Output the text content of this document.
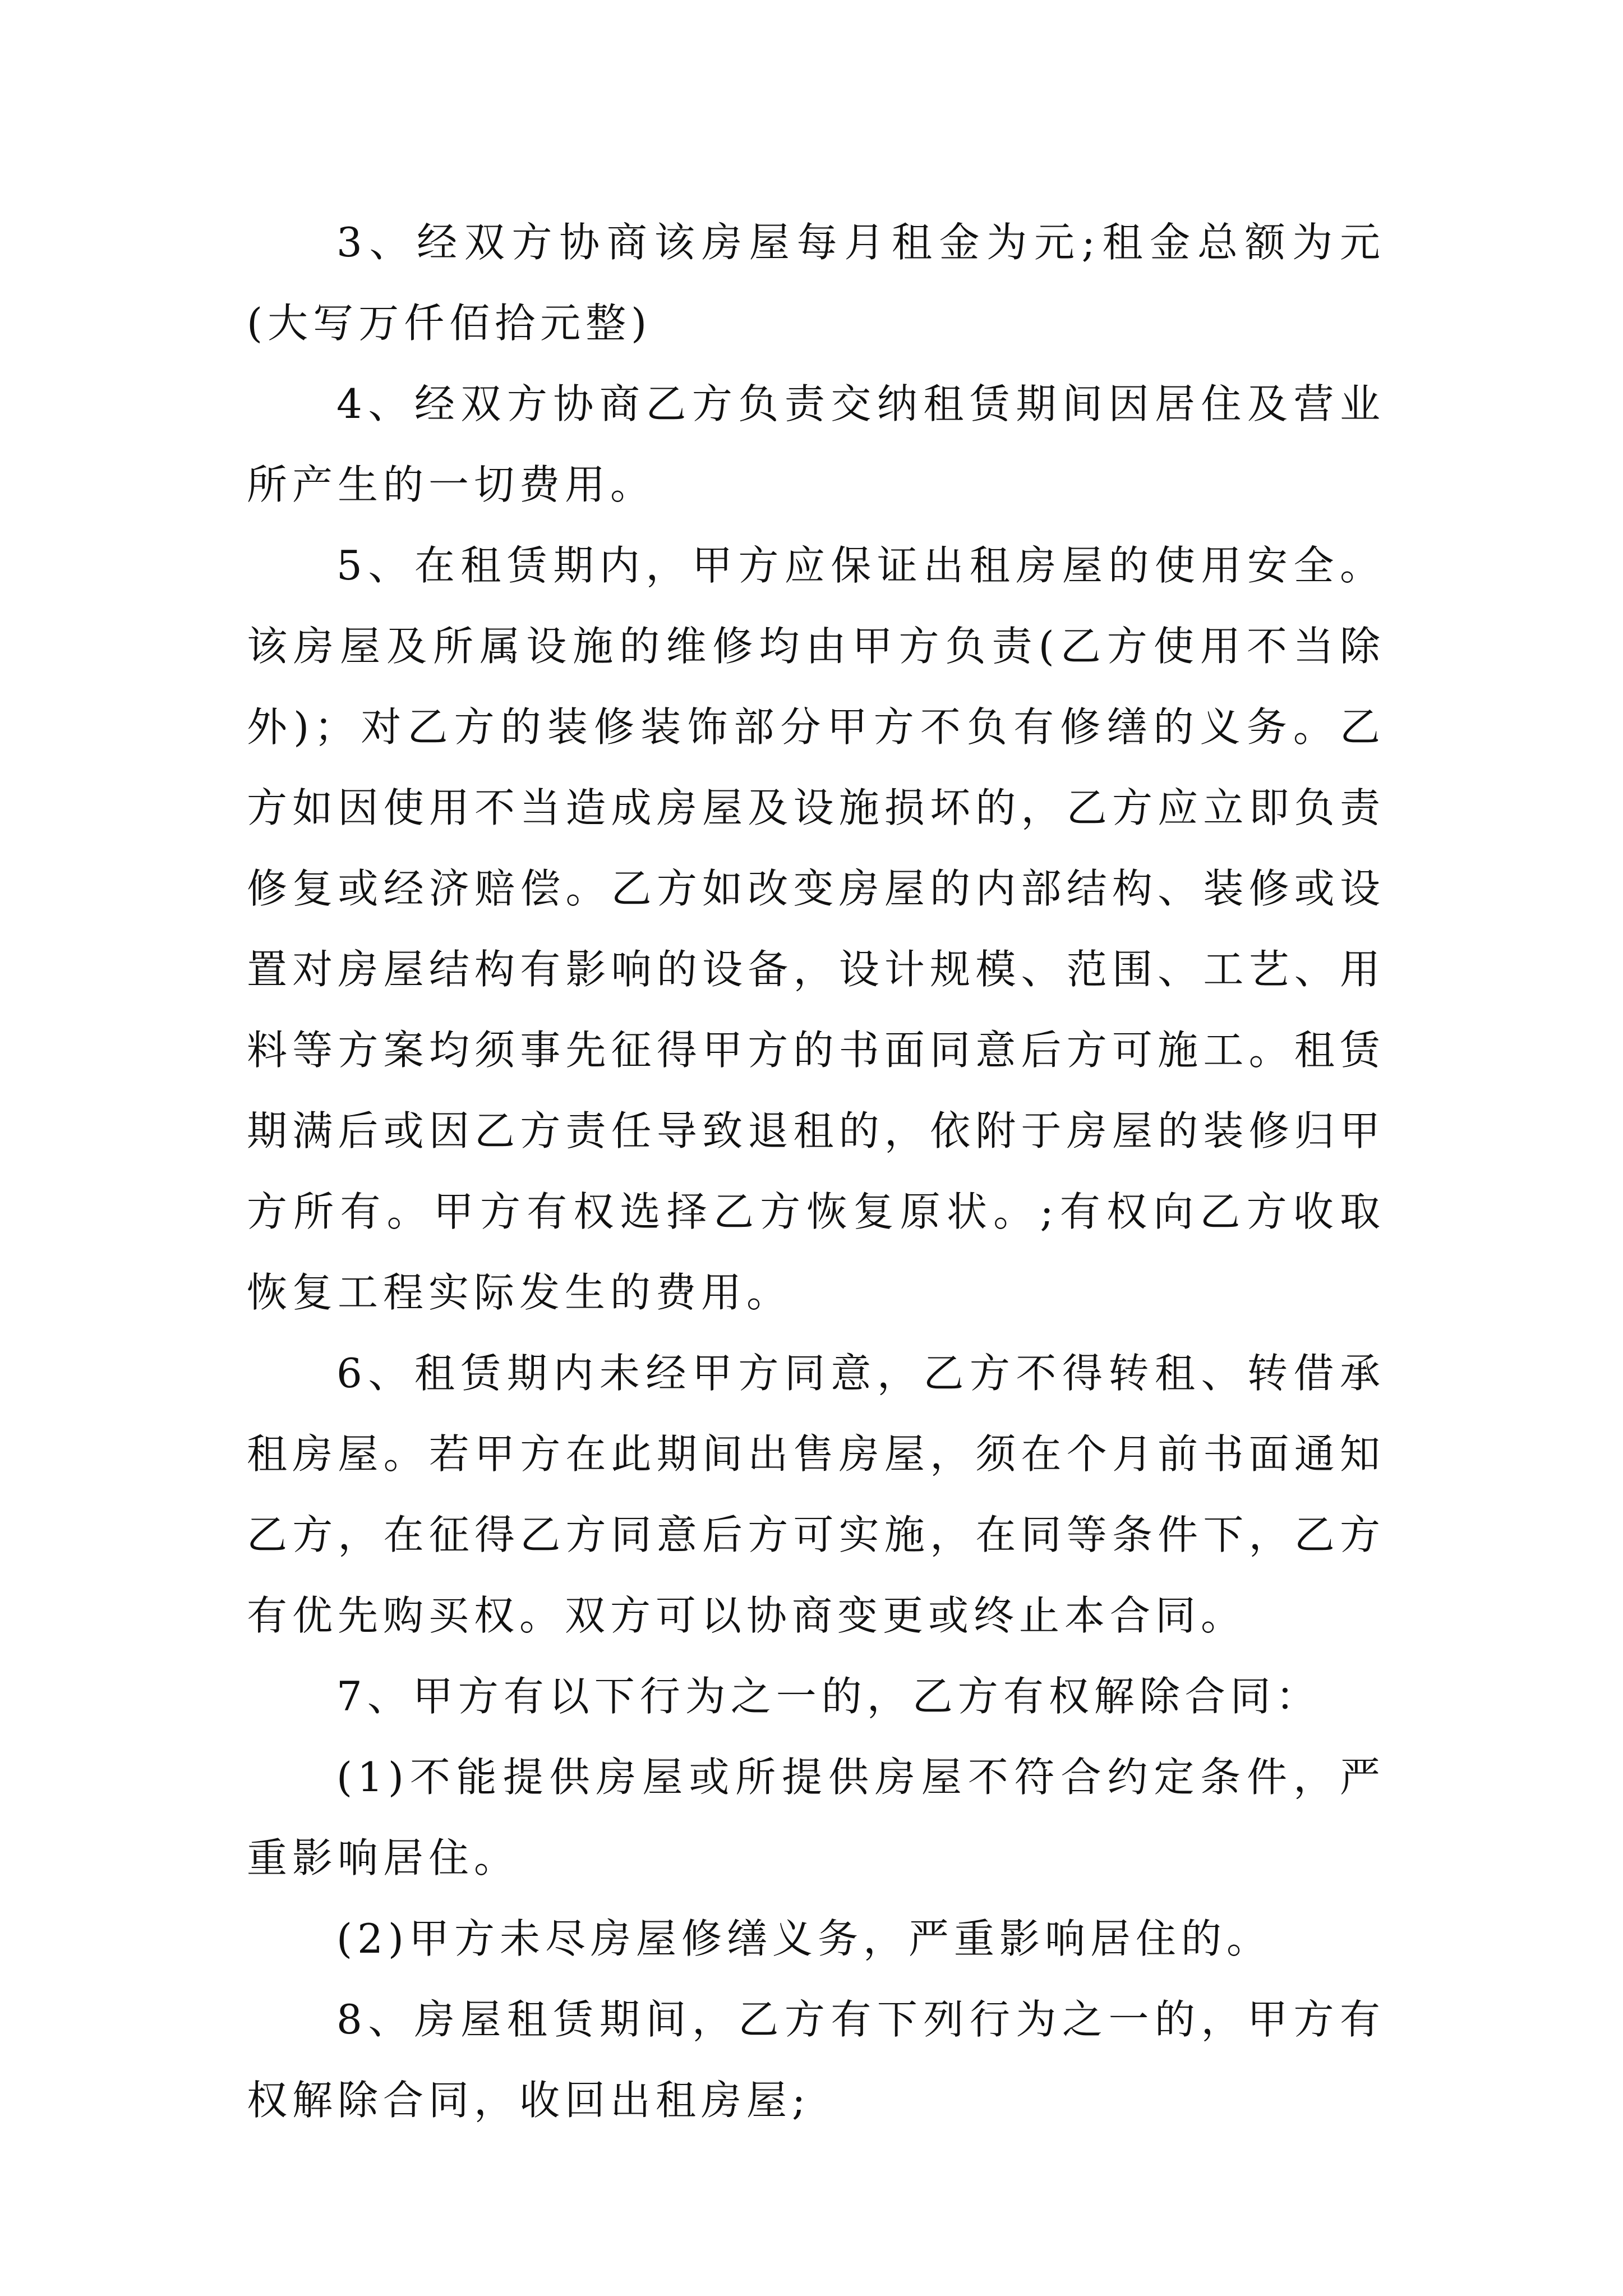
3、经双方协商该房屋每月租金为元;租金总额为元(大写万仟佰拾元整)

4、经双方协商乙方负责交纳租赁期间因居住及营业所产生的一切费用。

5、在租赁期内，甲方应保证出租房屋的使用安全。该房屋及所属设施的维修均由甲方负责(乙方使用不当除外)；对乙方的装修装饰部分甲方不负有修缮的义务。乙方如因使用不当造成房屋及设施损坏的，乙方应立即负责修复或经济赔偿。乙方如改变房屋的内部结构、装修或设置对房屋结构有影响的设备，设计规模、范围、工艺、用料等方案均须事先征得甲方的书面同意后方可施工。租赁期满后或因乙方责任导致退租的，依附于房屋的装修归甲方所有。甲方有权选择乙方恢复原状。;有权向乙方收取恢复工程实际发生的费用。

6、租赁期内未经甲方同意，乙方不得转租、转借承租房屋。若甲方在此期间出售房屋，须在个月前书面通知乙方，在征得乙方同意后方可实施，在同等条件下，乙方有优先购买权。双方可以协商变更或终止本合同。

7、甲方有以下行为之一的，乙方有权解除合同：

(1)不能提供房屋或所提供房屋不符合约定条件，严重影响居住。

(2)甲方未尽房屋修缮义务，严重影响居住的。

8、房屋租赁期间，乙方有下列行为之一的，甲方有权解除合同，收回出租房屋;
